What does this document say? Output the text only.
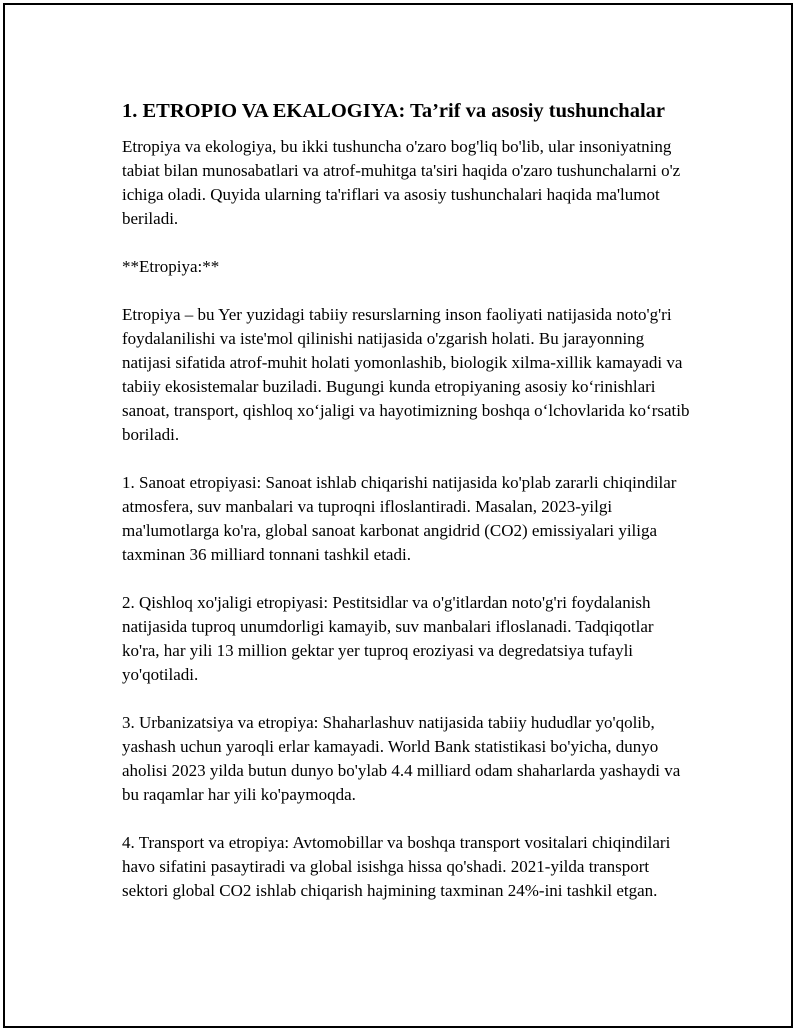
1. ETROPIO VA EKALOGIYA: Ta’rif va asosiy tushunchalar

Etropiya va ekologiya, bu ikki tushuncha o'zaro bog'liq bo'lib, ular insoniyatning tabiat bilan munosabatlari va atrof-muhitga ta'siri haqida o'zaro tushunchalarni o'z ichiga oladi. Quyida ularning ta'riflari va asosiy tushunchalari haqida ma'lumot beriladi.

**Etropiya:**

Etropiya – bu Yer yuzidagi tabiiy resurslarning inson faoliyati natijasida noto'g'ri foydalanilishi va iste'mol qilinishi natijasida o'zgarish holati. Bu jarayonning natijasi sifatida atrof-muhit holati yomonlashib, biologik xilma-xillik kamayadi va tabiiy ekosistemalar buziladi. Bugungi kunda etropiyaning asosiy koʻrinishlari sanoat, transport, qishloq xoʻjaligi va hayotimizning boshqa oʻlchovlarida koʻrsatib boriladi.

1. Sanoat etropiyasi: Sanoat ishlab chiqarishi natijasida ko'plab zararli chiqindilar atmosfera, suv manbalari va tuproqni ifloslantiradi. Masalan, 2023-yilgi ma'lumotlarga ko'ra, global sanoat karbonat angidrid (CO2) emissiyalari yiliga taxminan 36 milliard tonnani tashkil etadi.

2. Qishloq xo'jaligi etropiyasi: Pestitsidlar va o'g'itlardan noto'g'ri foydalanish natijasida tuproq unumdorligi kamayib, suv manbalari ifloslanadi. Tadqiqotlar ko'ra, har yili 13 million gektar yer tuproq eroziyasi va degredatsiya tufayli yo'qotiladi.

3. Urbanizatsiya va etropiya: Shaharlashuv natijasida tabiiy hududlar yo'qolib, yashash uchun yaroqli erlar kamayadi. World Bank statistikasi bo'yicha, dunyo aholisi 2023 yilda butun dunyo bo'ylab 4.4 milliard odam shaharlarda yashaydi va bu raqamlar har yili ko'paymoqda.

4. Transport va etropiya: Avtomobillar va boshqa transport vositalari chiqindilari havo sifatini pasaytiradi va global isishga hissa qo'shadi. 2021-yilda transport sektori global CO2 ishlab chiqarish hajmining taxminan 24%-ini tashkil etgan.
